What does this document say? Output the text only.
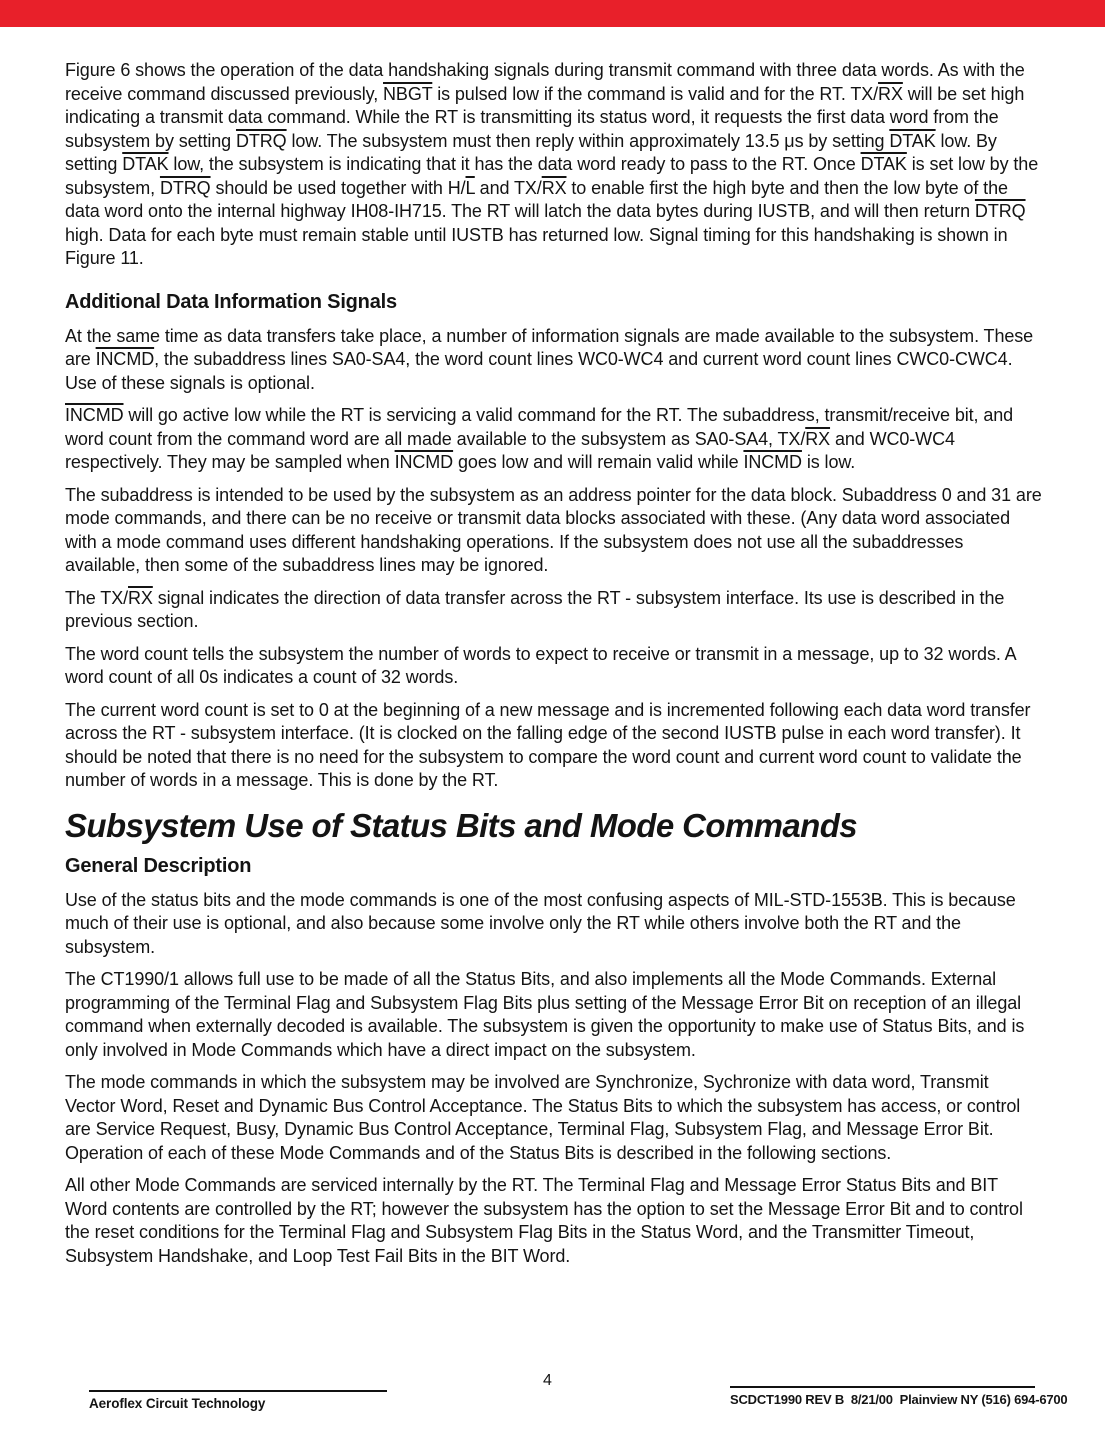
Figure 6 shows the operation of the data handshaking signals during transmit command with three data words. As with the receive command discussed previously, NBGT is pulsed low if the command is valid and for the RT. $TX/\overline{RX}$ will be set high indicating a transmit data command. While the RT is transmitting its status word, it requests the first data word from the subsystem by setting DTRQ low. The subsystem must then reply within approximately 13.5 μs by setting DTAK low. By setting DTAK low, the subsystem is indicating that it has the data word ready to pass to the RT. Once DTAK is set low by the subsystem, DTRQ should be used together with $H/\overline{L}$ and $TX/\overline{RX}$ to enable first the high byte and then the low byte of the data word onto the internal highway IH08-IH715. The RT will latch the data bytes during IUSTB, and will then return DTRQ high. Data for each byte must remain stable until IUSTB has returned low. Signal timing for this handshaking is shown in Figure 11.

Additional Data Information Signals

At the same time as data transfers take place, a number of information signals are made available to the subsystem. These are INCMD, the subaddress lines SA0-SA4, the word count lines WC0-WC4 and current word count lines CWC0-CWC4. Use of these signals is optional.

INCMD will go active low while the RT is servicing a valid command for the RT. The subaddress, transmit/receive bit, and word count from the command word are all made available to the subsystem as SA0-SA4, $TX/\overline{RX}$ and WC0-WC4 respectively. They may be sampled when INCMD goes low and will remain valid while INCMD is low.

The subaddress is intended to be used by the subsystem as an address pointer for the data block. Subaddress 0 and 31 are mode commands, and there can be no receive or transmit data blocks associated with these. (Any data word associated with a mode command uses different handshaking operations. If the subsystem does not use all the subaddresses available, then some of the subaddress lines may be ignored.

The $TX/\overline{RX}$ signal indicates the direction of data transfer across the RT - subsystem interface. Its use is described in the previous section.

The word count tells the subsystem the number of words to expect to receive or transmit in a message, up to 32 words. A word count of all 0s indicates a count of 32 words.

The current word count is set to 0 at the beginning of a new message and is incremented following each data word transfer across the RT - subsystem interface. (It is clocked on the falling edge of the second IUSTB pulse in each word transfer). It should be noted that there is no need for the subsystem to compare the word count and current word count to validate the number of words in a message. This is done by the RT.

Subsystem Use of Status Bits and Mode Commands
General Description

Use of the status bits and the mode commands is one of the most confusing aspects of MIL-STD-1553B. This is because much of their use is optional, and also because some involve only the RT while others involve both the RT and the subsystem.

The CT1990/1 allows full use to be made of all the Status Bits, and also implements all the Mode Commands. External programming of the Terminal Flag and Subsystem Flag Bits plus setting of the Message Error Bit on reception of an illegal command when externally decoded is available. The subsystem is given the opportunity to make use of Status Bits, and is only involved in Mode Commands which have a direct impact on the subsystem.

The mode commands in which the subsystem may be involved are Synchronize, Sychronize with data word, Transmit Vector Word, Reset and Dynamic Bus Control Acceptance. The Status Bits to which the subsystem has access, or control are Service Request, Busy, Dynamic Bus Control Acceptance, Terminal Flag, Subsystem Flag, and Message Error Bit. Operation of each of these Mode Commands and of the Status Bits is described in the following sections.

All other Mode Commands are serviced internally by the RT. The Terminal Flag and Message Error Status Bits and BIT Word contents are controlled by the RT; however the subsystem has the option to set the Message Error Bit and to control the reset conditions for the Terminal Flag and Subsystem Flag Bits in the Status Word, and the Transmitter Timeout, Subsystem Handshake, and Loop Test Fail Bits in the BIT Word.

Aeroflex Circuit Technology
4
SCDCT1990 REV B  8/21/00  Plainview NY (516) 694-6700
